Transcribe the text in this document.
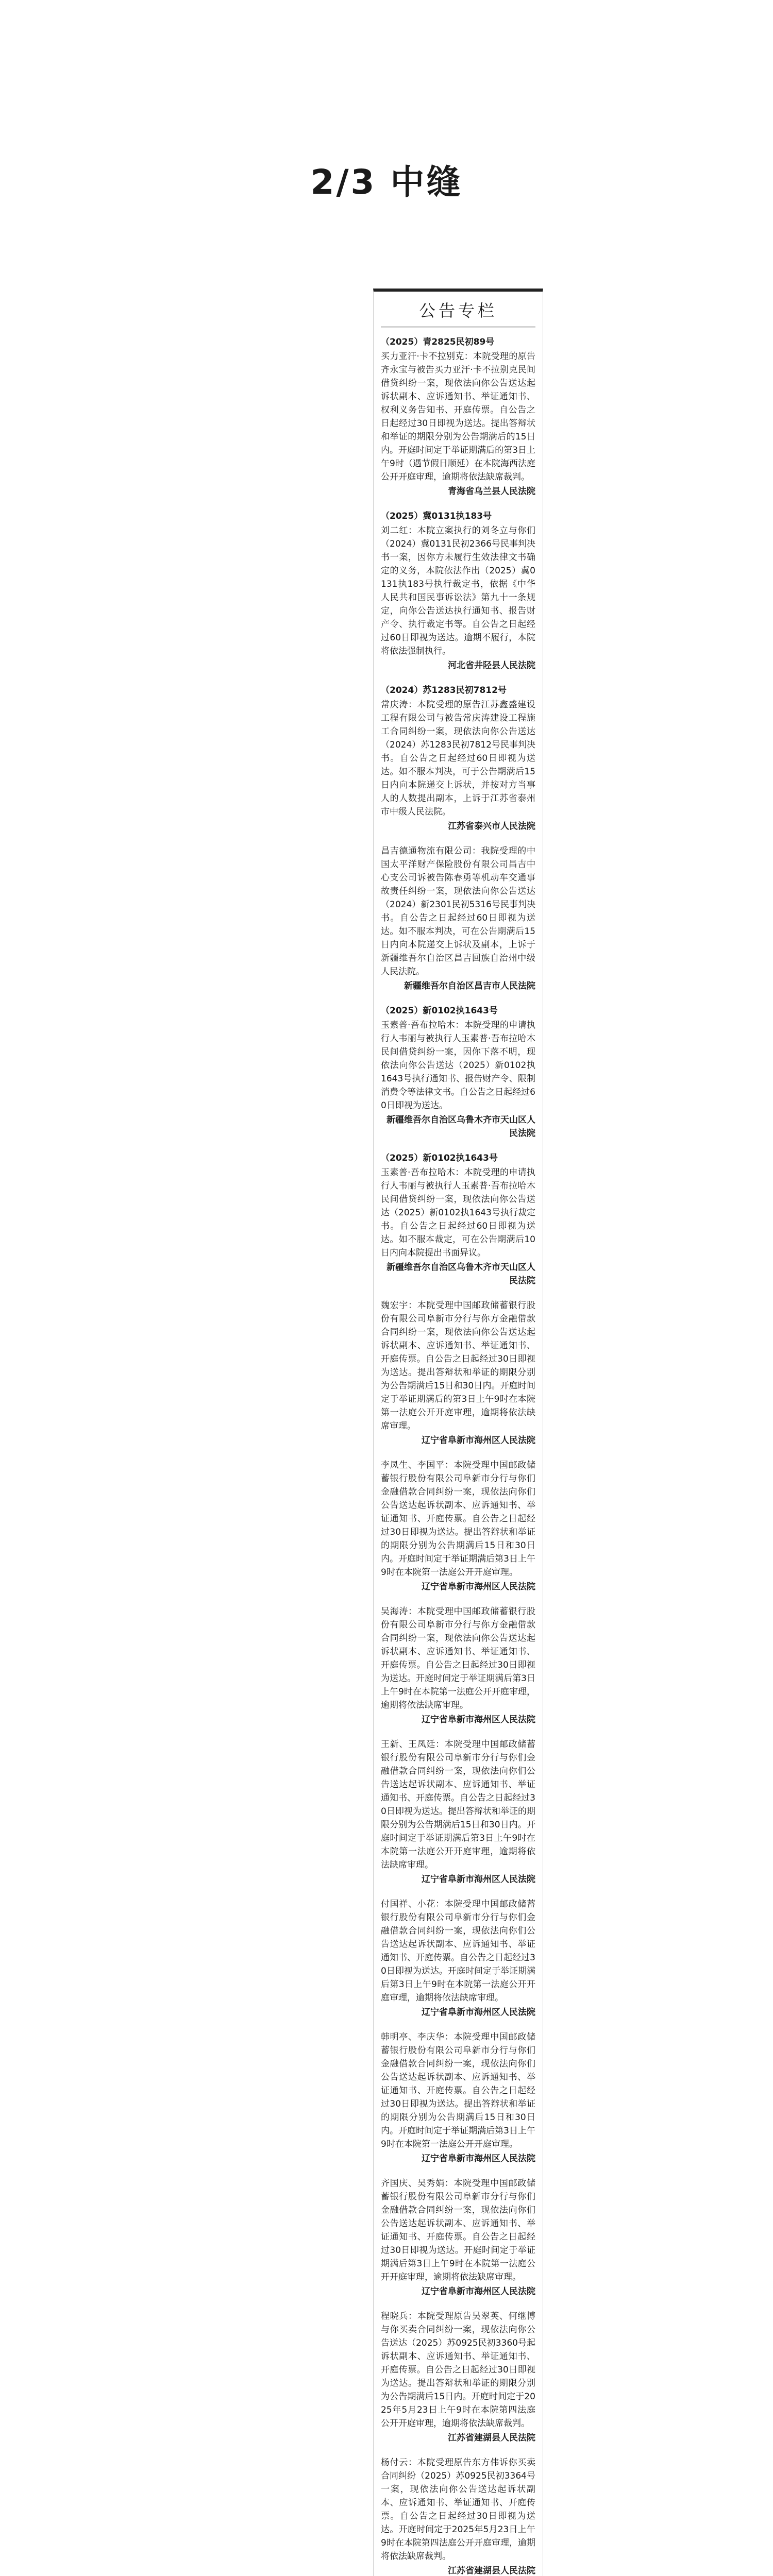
2/3 中缝
公告专栏

（2025）青2825民初89号

买力亚汗·卡不拉别克：本院受理的原告齐永宝与被告买力亚汗·卡不拉别克民间借贷纠纷一案，现依法向你公告送达起诉状副本、应诉通知书、举证通知书、权利义务告知书、开庭传票。自公告之日起经过30日即视为送达。提出答辩状和举证的期限分别为公告期满后的15日内。开庭时间定于举证期满后的第3日上午9时（遇节假日顺延）在本院海西法庭公开开庭审理，逾期将依法缺席裁判。

青海省乌兰县人民法院

（2025）冀0131执183号

刘二红：本院立案执行的刘冬立与你们（2024）冀0131民初2366号民事判决书一案，因你方未履行生效法律文书确定的义务，本院依法作出（2025）冀0131执183号执行裁定书，依据《中华人民共和国民事诉讼法》第九十一条规定，向你公告送达执行通知书、报告财产令、执行裁定书等。自公告之日起经过60日即视为送达。逾期不履行，本院将依法强制执行。

河北省井陉县人民法院

（2024）苏1283民初7812号

常庆涛：本院受理的原告江苏鑫盛建设工程有限公司与被告常庆涛建设工程施工合同纠纷一案，现依法向你公告送达（2024）苏1283民初7812号民事判决书。自公告之日起经过60日即视为送达。如不服本判决，可于公告期满后15日内向本院递交上诉状，并按对方当事人的人数提出副本，上诉于江苏省泰州市中级人民法院。

江苏省泰兴市人民法院

昌吉德通物流有限公司：我院受理的中国太平洋财产保险股份有限公司昌吉中心支公司诉被告陈春勇等机动车交通事故责任纠纷一案，现依法向你公告送达（2024）新2301民初5316号民事判决书。自公告之日起经过60日即视为送达。如不服本判决，可在公告期满后15日内向本院递交上诉状及副本，上诉于新疆维吾尔自治区昌吉回族自治州中级人民法院。

新疆维吾尔自治区昌吉市人民法院

（2025）新0102执1643号

玉素普·吾布拉哈木：本院受理的申请执行人韦丽与被执行人玉素普·吾布拉哈木民间借贷纠纷一案，因你下落不明，现依法向你公告送达（2025）新0102执1643号执行通知书、报告财产令、限制消费令等法律文书。自公告之日起经过60日即视为送达。

新疆维吾尔自治区乌鲁木齐市天山区人民法院

（2025）新0102执1643号

玉素普·吾布拉哈木：本院受理的申请执行人韦丽与被执行人玉素普·吾布拉哈木民间借贷纠纷一案，现依法向你公告送达（2025）新0102执1643号执行裁定书。自公告之日起经过60日即视为送达。如不服本裁定，可在公告期满后10日内向本院提出书面异议。

新疆维吾尔自治区乌鲁木齐市天山区人民法院

魏宏宇：本院受理中国邮政储蓄银行股份有限公司阜新市分行与你方金融借款合同纠纷一案，现依法向你公告送达起诉状副本、应诉通知书、举证通知书、开庭传票。自公告之日起经过30日即视为送达。提出答辩状和举证的期限分别为公告期满后15日和30日内。开庭时间定于举证期满后的第3日上午9时在本院第一法庭公开开庭审理，逾期将依法缺席审理。

辽宁省阜新市海州区人民法院

李凤生、李国平：本院受理中国邮政储蓄银行股份有限公司阜新市分行与你们金融借款合同纠纷一案，现依法向你们公告送达起诉状副本、应诉通知书、举证通知书、开庭传票。自公告之日起经过30日即视为送达。提出答辩状和举证的期限分别为公告期满后15日和30日内。开庭时间定于举证期满后第3日上午9时在本院第一法庭公开开庭审理。

辽宁省阜新市海州区人民法院

吴海涛：本院受理中国邮政储蓄银行股份有限公司阜新市分行与你方金融借款合同纠纷一案，现依法向你公告送达起诉状副本、应诉通知书、举证通知书、开庭传票。自公告之日起经过30日即视为送达。开庭时间定于举证期满后第3日上午9时在本院第一法庭公开开庭审理，逾期将依法缺席审理。

辽宁省阜新市海州区人民法院

王新、王凤廷：本院受理中国邮政储蓄银行股份有限公司阜新市分行与你们金融借款合同纠纷一案，现依法向你们公告送达起诉状副本、应诉通知书、举证通知书、开庭传票。自公告之日起经过30日即视为送达。提出答辩状和举证的期限分别为公告期满后15日和30日内。开庭时间定于举证期满后第3日上午9时在本院第一法庭公开开庭审理，逾期将依法缺席审理。

辽宁省阜新市海州区人民法院

付国祥、小花：本院受理中国邮政储蓄银行股份有限公司阜新市分行与你们金融借款合同纠纷一案，现依法向你们公告送达起诉状副本、应诉通知书、举证通知书、开庭传票。自公告之日起经过30日即视为送达。开庭时间定于举证期满后第3日上午9时在本院第一法庭公开开庭审理，逾期将依法缺席审理。

辽宁省阜新市海州区人民法院

韩明亭、李庆华：本院受理中国邮政储蓄银行股份有限公司阜新市分行与你们金融借款合同纠纷一案，现依法向你们公告送达起诉状副本、应诉通知书、举证通知书、开庭传票。自公告之日起经过30日即视为送达。提出答辩状和举证的期限分别为公告期满后15日和30日内。开庭时间定于举证期满后第3日上午9时在本院第一法庭公开开庭审理。

辽宁省阜新市海州区人民法院

齐国庆、吴秀娟：本院受理中国邮政储蓄银行股份有限公司阜新市分行与你们金融借款合同纠纷一案，现依法向你们公告送达起诉状副本、应诉通知书、举证通知书、开庭传票。自公告之日起经过30日即视为送达。开庭时间定于举证期满后第3日上午9时在本院第一法庭公开开庭审理，逾期将依法缺席审理。

辽宁省阜新市海州区人民法院

程晓兵：本院受理原告吴翠英、何继博与你买卖合同纠纷一案，现依法向你公告送达（2025）苏0925民初3360号起诉状副本、应诉通知书、举证通知书、开庭传票。自公告之日起经过30日即视为送达。提出答辩状和举证的期限分别为公告期满后15日内。开庭时间定于2025年5月23日上午9时在本院第四法庭公开开庭审理，逾期将依法缺席裁判。

江苏省建湖县人民法院

杨付云：本院受理原告东方伟诉你买卖合同纠纷（2025）苏0925民初3364号一案，现依法向你公告送达起诉状副本、应诉通知书、举证通知书、开庭传票。自公告之日起经过30日即视为送达。开庭时间定于2025年5月23日上午9时在本院第四法庭公开开庭审理，逾期将依法缺席裁判。

江苏省建湖县人民法院
